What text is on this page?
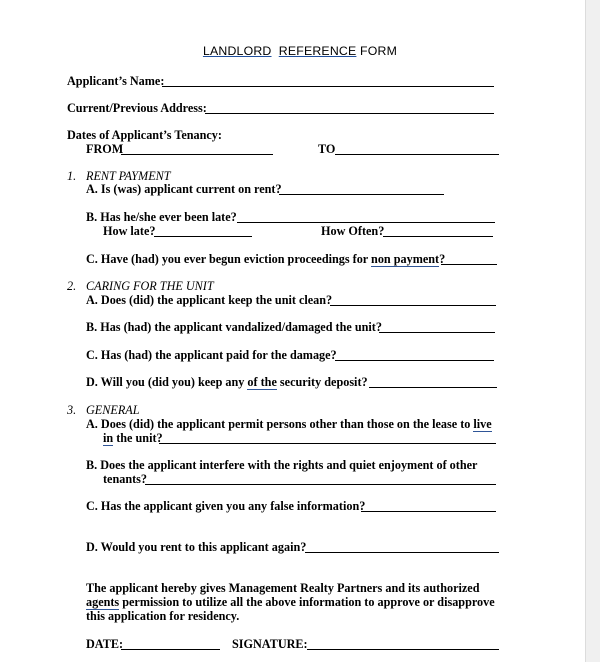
LANDLORD REFERENCE FORM
Applicant’s Name:
Current/Previous Address:
Dates of Applicant’s Tenancy:
FROM	TO
1. RENT PAYMENT
A. Is (was) applicant current on rent?
B. Has he/she ever been late?
How late?	How Often?
C. Have (had) you ever begun eviction proceedings for non payment?
2. CARING FOR THE UNIT
A. Does (did) the applicant keep the unit clean?
B. Has (had) the applicant vandalized/damaged the unit?
C. Has (had) the applicant paid for the damage?
D. Will you (did you) keep any of the security deposit?
3. GENERAL
A. Does (did) the applicant permit persons other than those on the lease to live
in the unit?
B. Does the applicant interfere with the rights and quiet enjoyment of other
tenants?
C. Has the applicant given you any false information?
D. Would you rent to this applicant again?
The applicant hereby gives Management Realty Partners and its authorized
agents permission to utilize all the above information to approve or disapprove
this application for residency.
DATE:	SIGNATURE:
